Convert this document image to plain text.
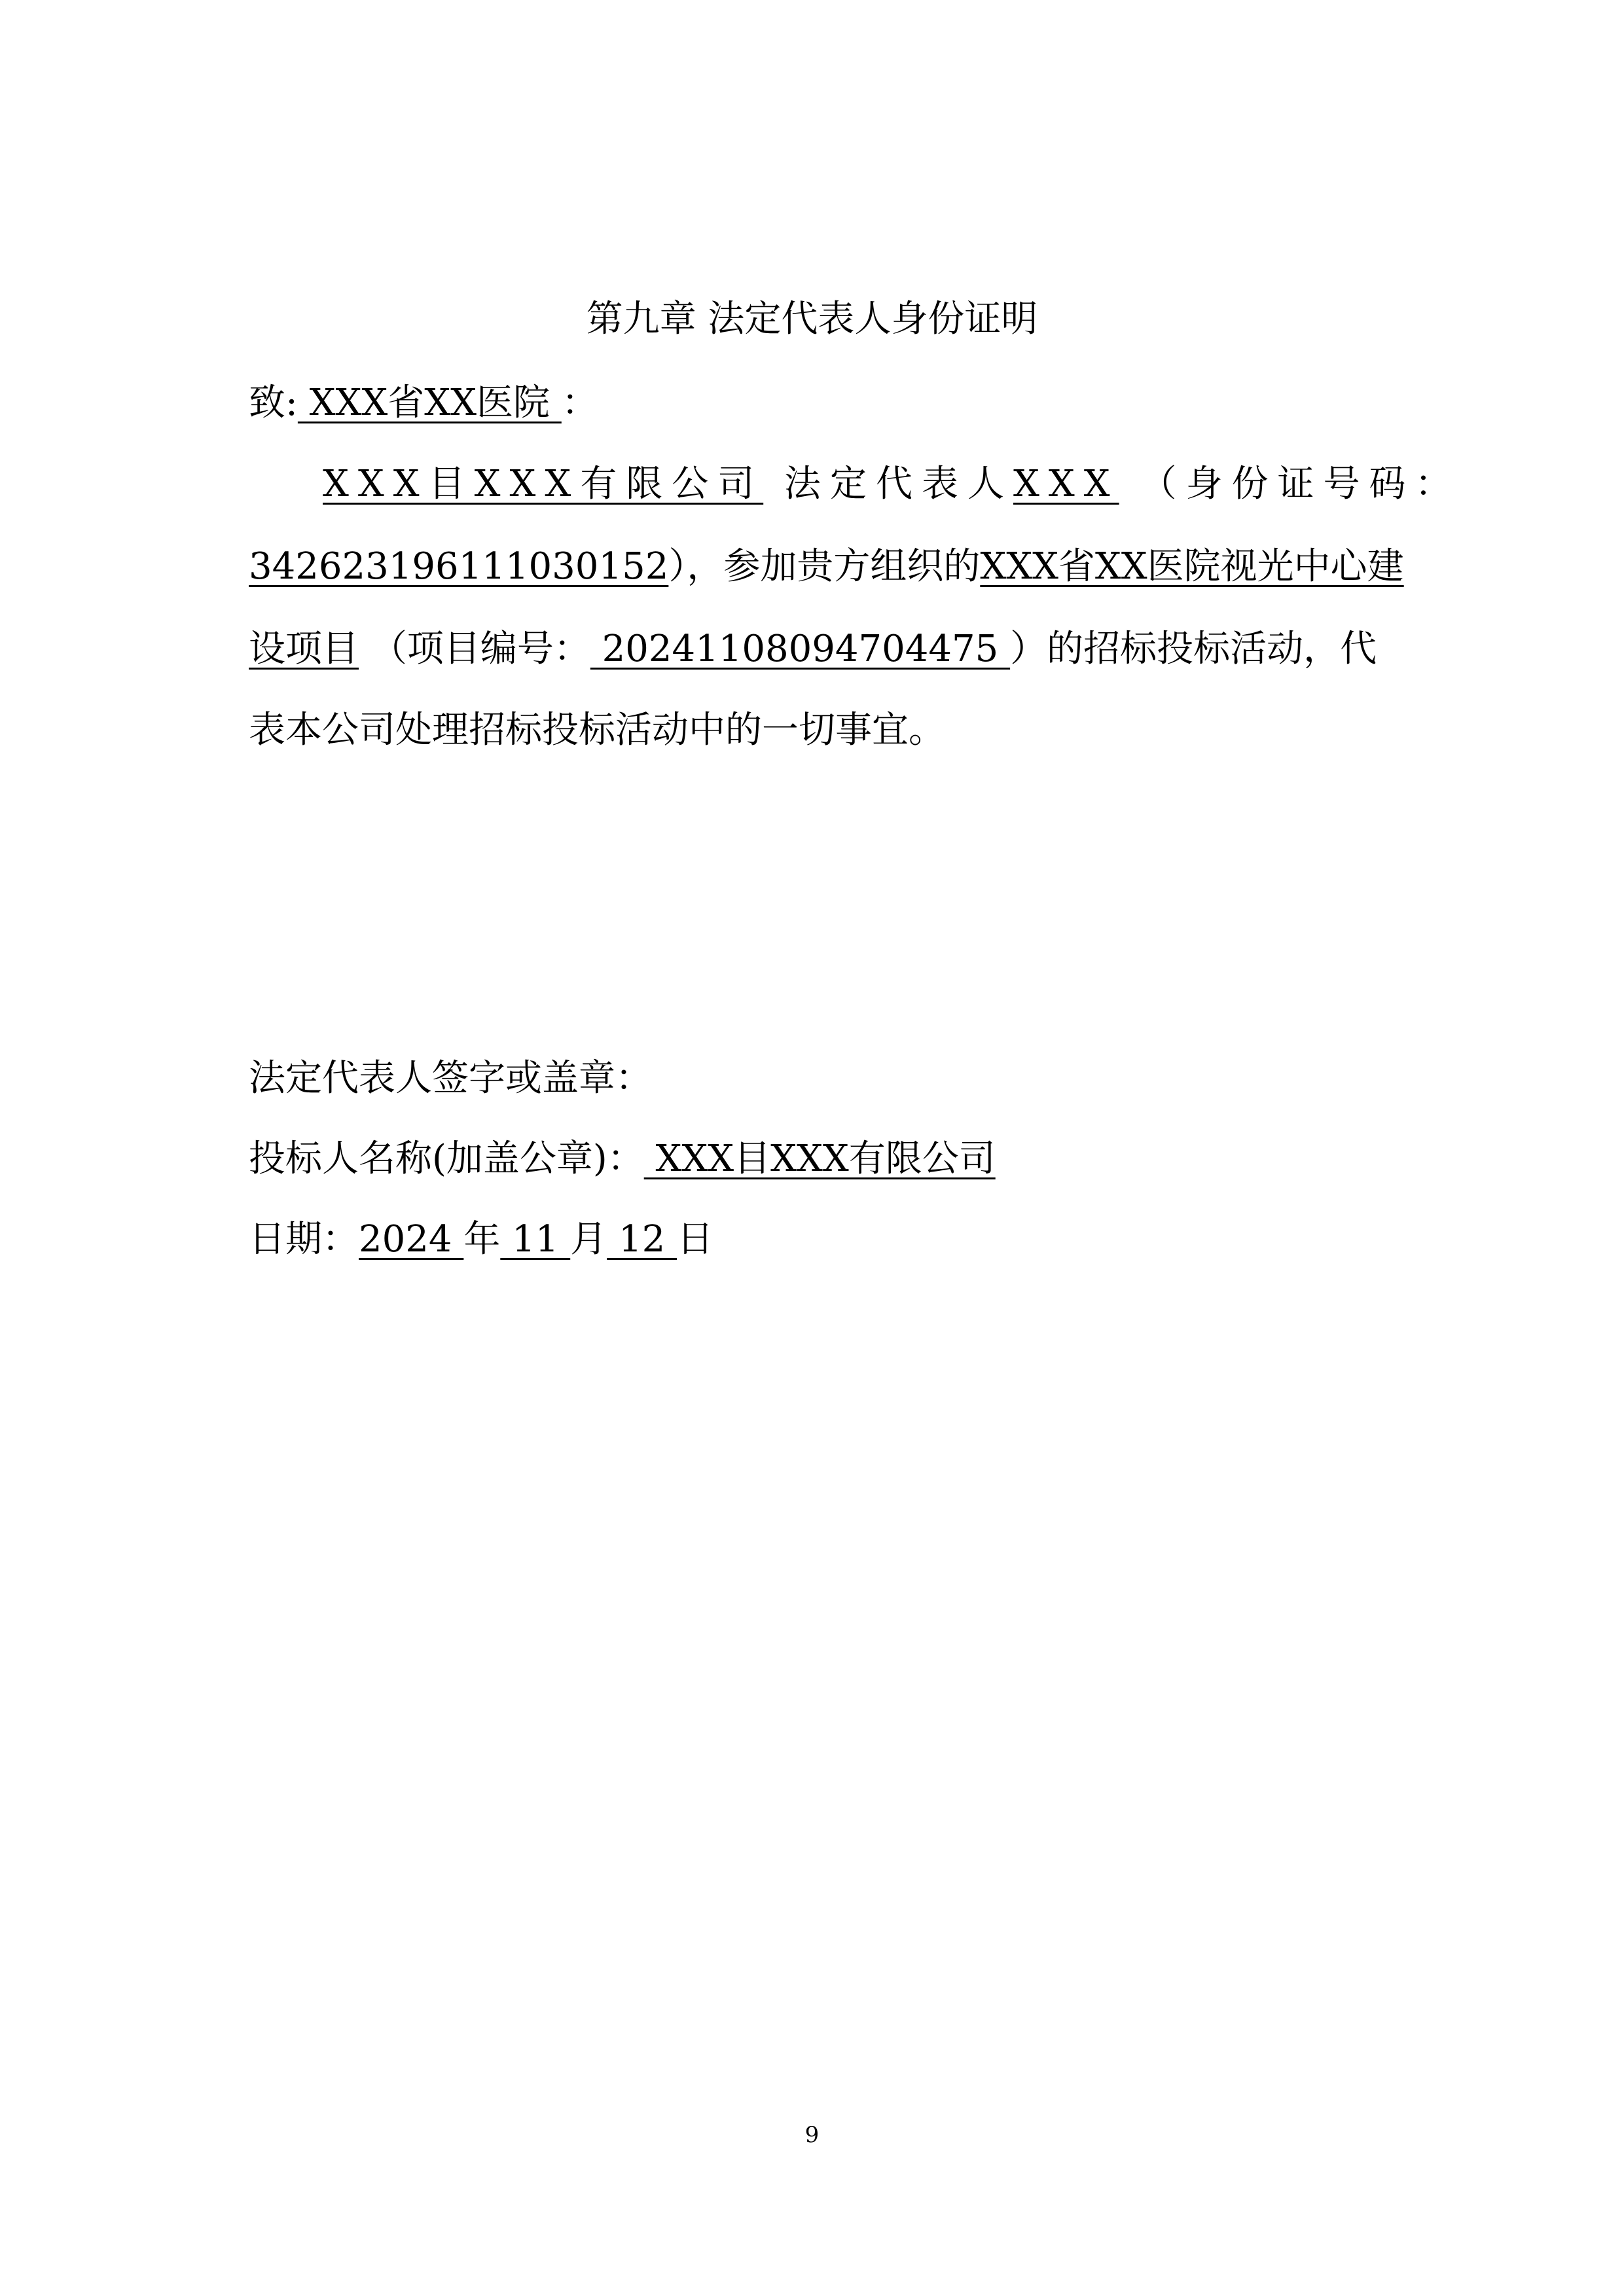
第九章 法定代表人身份证明
致: XXX省XX医院 ：
XXX目XXX有限公司 法定代表人XXX （身份证号码：
342623196111030152），参加贵方组织的XXX省XX医院视光中心建
设项目 （项目编号： 20241108094704475 ）的招标投标活动，代
表本公司处理招标投标活动中的一切事宜。
法定代表人签字或盖章：
投标人名称(加盖公章)： XXX目XXX有限公司
日期：2024 年 11 月 12 日
9
